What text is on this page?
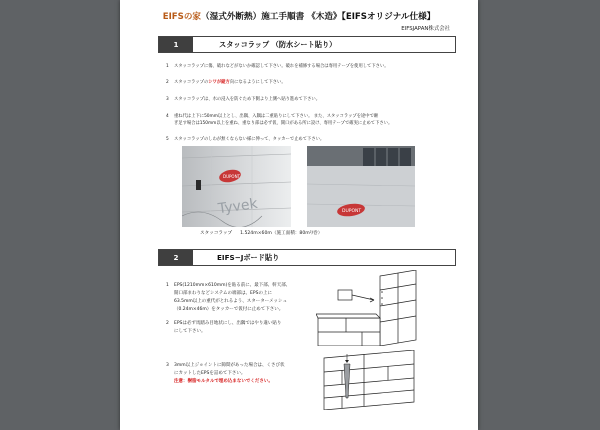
EIFSの家（湿式外断熱）施工手順書 《木造》【EIFSオリジナル仕様】
EIFSJAPAN株式会社
1	スタッコラップ （防水シート貼り）
1 スタッコラップに傷、破れなどがないか確認して下さい。破れを補修する場合は専用テープを使用して下さい。
2 スタッコラップのシワが縦方向になるようにして下さい。
3 スタッコラップは、水の浸入を防ぐため下側より上側へ貼り進めて下さい。
4 重ね代は上下に50mm以上とし、出隅、入隅は二重貼りにして下さい。 また、スタッコラップを途中で継
ぎ足す場合は150mm以上を重ね、重なり部は必ず仮、開口がある所に設け、専用テープで確実に止めて下さい。
5 スタッコラップのしわが無くならない様に伸って、タッカーで止めて下さい。
DUPONT
Tyvek	DUPONT
スタッコラップ 1.524m×60m（施工面積：80m²/巻）
2	EIFS−Jボード貼り
1 EPS(1210mm×610mm)を貼る前に、最下部、軒天部、
開口部まわりなどシステムの端部は、EPSの上に
63.5mm以上の重代がとれるよう、スターターメッシュ
（0.24m×46m）をタッカーで仮付に止めて下さい。
2 EPSは必ず馬踏み目地状にし、出隅ではやり違い貼り
にして下さい。
3 3mm以上ジョイントに隙間があった場合は、くさび状
にカットしたEPSを詰めて下さい。
注意：樹脂モルタルで埋め込まないでください。
